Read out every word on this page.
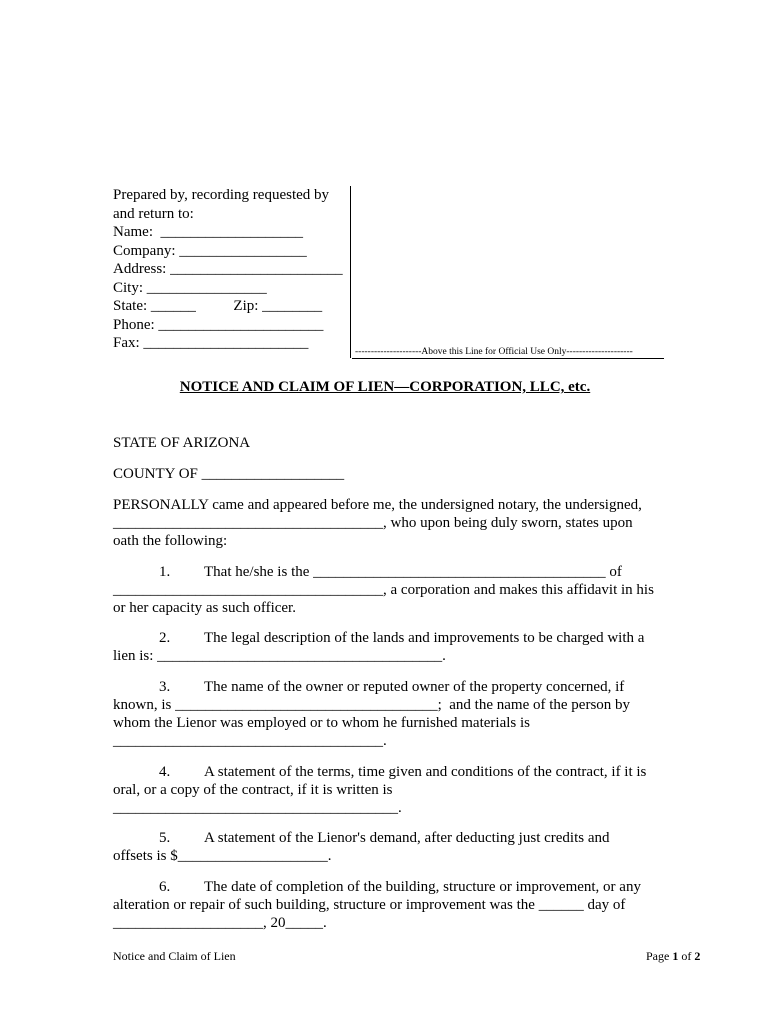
Prepared by, recording requested by
and return to:
Name:  ___________________
Company: _________________
Address: _______________________
City: ________________
State: ______          Zip: ________
Phone: ______________________
Fax: ______________________
---------------------Above this Line for Official Use Only---------------------
NOTICE AND CLAIM OF LIEN—CORPORATION, LLC, etc.
STATE OF ARIZONA
COUNTY OF ___________________
PERSONALLY came and appeared before me, the undersigned notary, the undersigned,
____________________________________, who upon being duly sworn, states upon
oath the following:
1. That he/she is the _______________________________________ of
____________________________________, a corporation and makes this affidavit in his
or her capacity as such officer.
2. The legal description of the lands and improvements to be charged with a
lien is: ______________________________________.
3. The name of the owner or reputed owner of the property concerned, if
known, is ___________________________________;  and the name of the person by
whom the Lienor was employed or to whom he furnished materials is
____________________________________.
4. A statement of the terms, time given and conditions of the contract, if it is
oral, or a copy of the contract, if it is written is
______________________________________.
5. A statement of the Lienor's demand, after deducting just credits and
offsets is $____________________.
6. The date of completion of the building, structure or improvement, or any
alteration or repair of such building, structure or improvement was the ______ day of
____________________, 20_____.
Notice and Claim of Lien	Page 1 of 2
